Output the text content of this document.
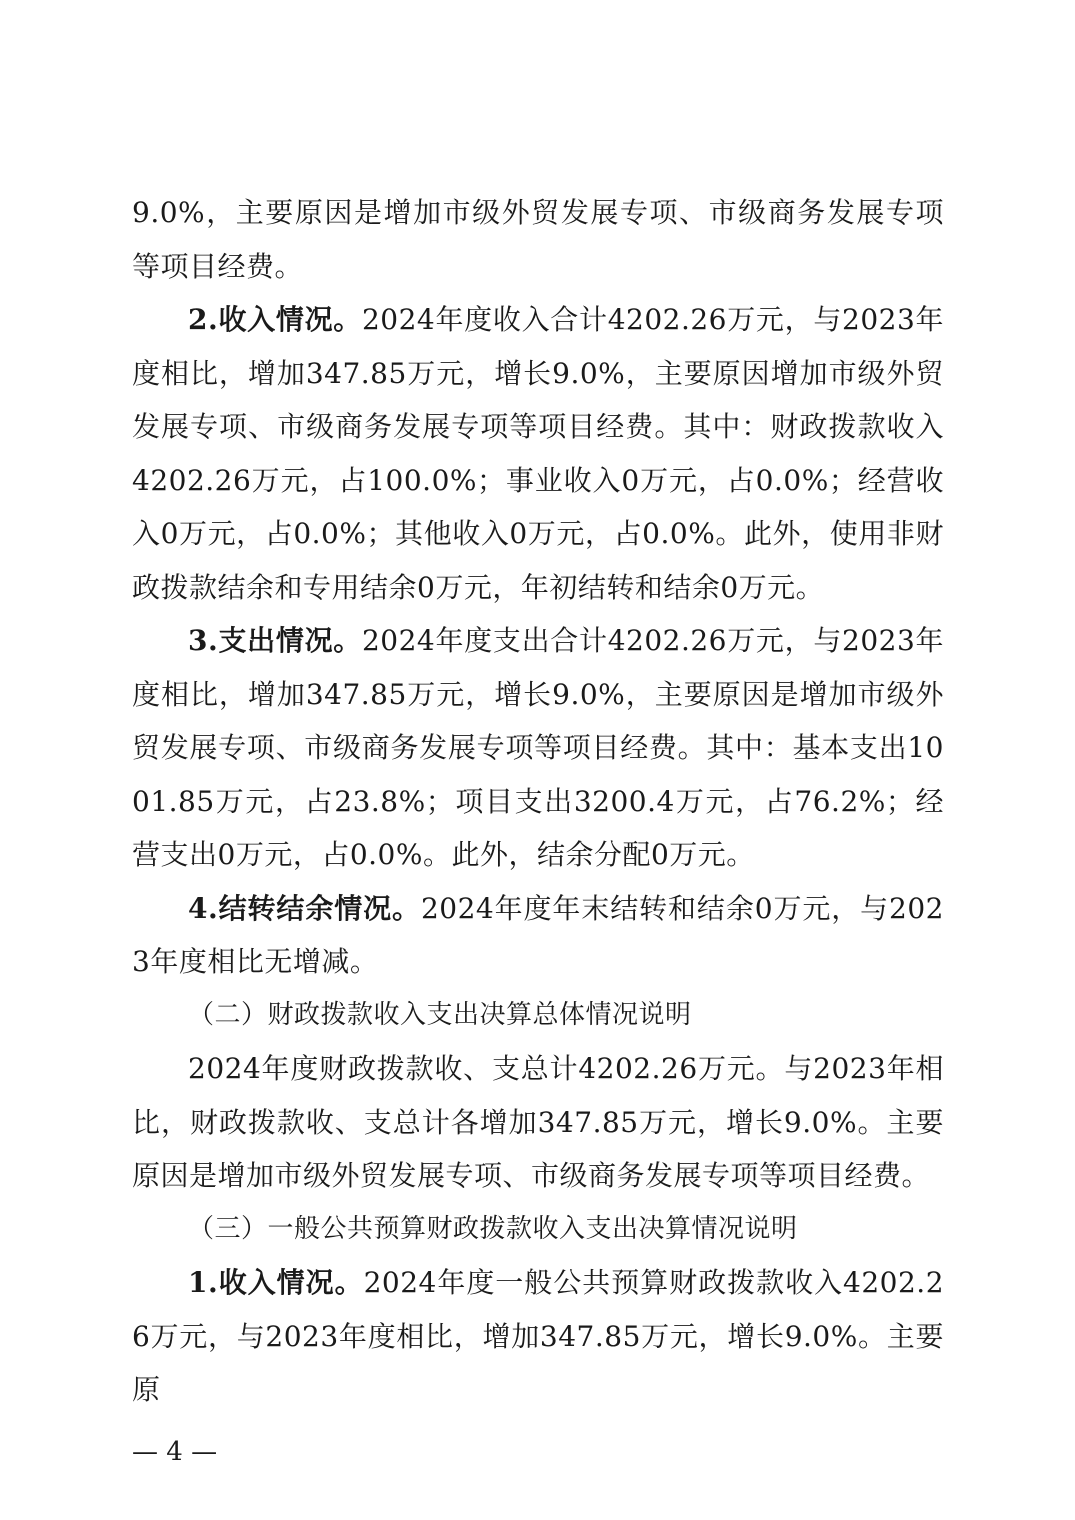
9.0%，主要原因是增加市级外贸发展专项、市级商务发展专项等项目经费。

2.收入情况。2024年度收入合计4202.26万元，与2023年度相比，增加347.85万元，增长9.0%，主要原因增加市级外贸发展专项、市级商务发展专项等项目经费。其中：财政拨款收入4202.26万元，占100.0%；事业收入0万元，占0.0%；经营收入0万元，占0.0%；其他收入0万元，占0.0%。此外，使用非财政拨款结余和专用结余0万元，年初结转和结余0万元。

3.支出情况。2024年度支出合计4202.26万元，与2023年度相比，增加347.85万元，增长9.0%，主要原因是增加市级外贸发展专项、市级商务发展专项等项目经费。其中：基本支出1001.85万元，占23.8%；项目支出3200.4万元，占76.2%；经营支出0万元，占0.0%。此外，结余分配0万元。

4.结转结余情况。2024年度年末结转和结余0万元，与2023年度相比无增减。

（二）财政拨款收入支出决算总体情况说明

2024年度财政拨款收、支总计4202.26万元。与2023年相比，财政拨款收、支总计各增加347.85万元，增长9.0%。主要原因是增加市级外贸发展专项、市级商务发展专项等项目经费。

（三）一般公共预算财政拨款收入支出决算情况说明

1.收入情况。2024年度一般公共预算财政拨款收入4202.26万元，与2023年度相比，增加347.85万元，增长9.0%。主要原

— 4 —
